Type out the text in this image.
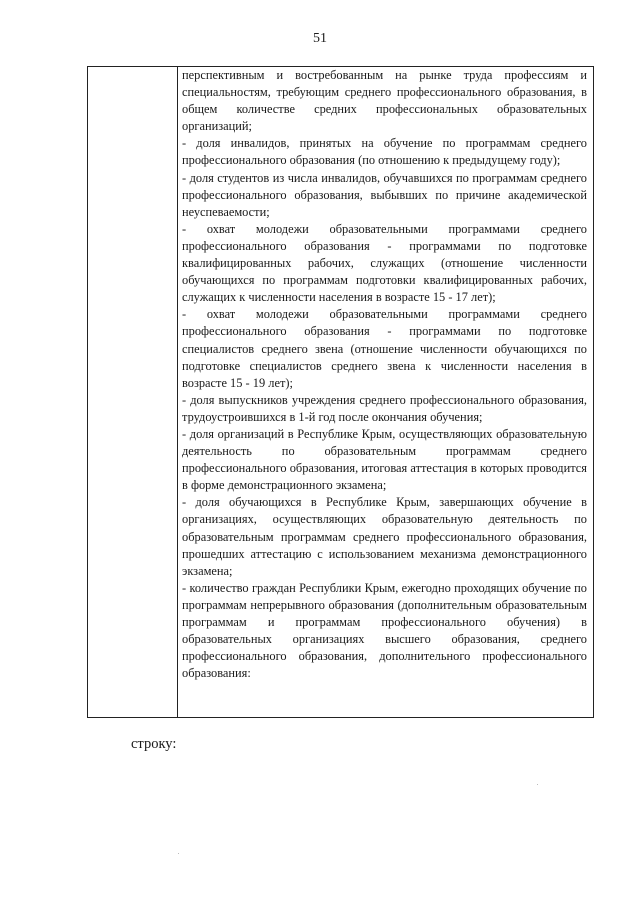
51

перспективным и востребованным на рынке труда профессиям и специальностям, требующим среднего профессионального образования, в общем количестве средних профессиональных образовательных организаций;
- доля инвалидов, принятых на обучение по программам среднего профессионального образования (по отношению к предыдущему году);
- доля студентов из числа инвалидов, обучавшихся по программам среднего профессионального образования, выбывших по причине академической неуспеваемости;
- охват молодежи образовательными программами среднего профессионального образования - программами по подготовке квалифицированных рабочих, служащих (отношение численности обучающихся по программам подготовки квалифицированных рабочих, служащих к численности населения в возрасте 15 - 17 лет);
- охват молодежи образовательными программами среднего профессионального образования - программами по подготовке специалистов среднего звена (отношение численности обучающихся по подготовке специалистов среднего звена к численности населения в возрасте 15 - 19 лет);
- доля выпускников учреждения среднего профессионального образования, трудоустроившихся в 1-й год после окончания обучения;
- доля организаций в Республике Крым, осуществляющих образовательную деятельность по образовательным программам среднего профессионального образования, итоговая аттестация в которых проводится в форме демонстрационного экзамена;
- доля обучающихся в Республике Крым, завершающих обучение в организациях, осуществляющих образовательную деятельность по образовательным программам среднего профессионального образования, прошедших аттестацию с использованием механизма демонстрационного экзамена;
- количество граждан Республики Крым, ежегодно проходящих обучение по программам непрерывного образования (дополнительным образовательным программам и программам профессионального обучения) в образовательных организациях высшего образования, среднего профессионального образования, дополнительного профессионального образования:

строку:
